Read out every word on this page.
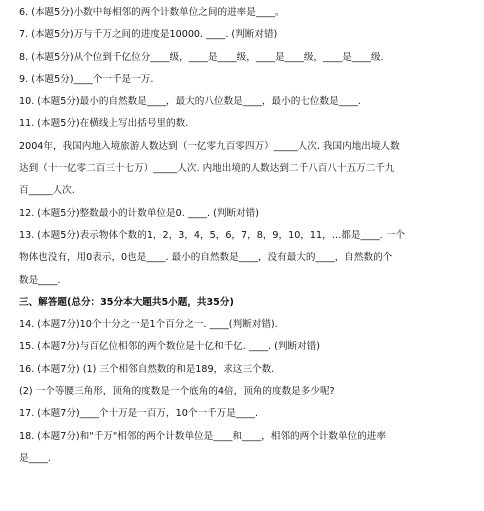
6. (本题5分)小数中每相邻的两个计数单位之间的进率是____。
7. (本题5分)万与千万之间的进度是10000. ____. (判断对错)
8. (本题5分)从个位到千亿位分____级，____是____级，____是____级，____是____级.
9. (本题5分)____个一千是一万.
10. (本题5分)最小的自然数是____，最大的八位数是____，最小的七位数是____.
11. (本题5分)在横线上写出括号里的数.
2004年，我国内地入境旅游人数达到（一亿零九百零四万）_____人次. 我国内地出境人数
达到（十一亿零二百三十七万）_____人次. 内地出境的人数达到二千八百八十五万二千九
百_____人次.
12. (本题5分)整数最小的计数单位是0. ____. (判断对错)
13. (本题5分)表示物体个数的1，2，3，4，5，6，7，8，9，10，11，…都是____. 一个
物体也没有，用0表示，0也是____. 最小的自然数是____，没有最大的____，自然数的个
数是____.
三、解答题(总分：35分本大题共5小题，共35分)
14. (本题7分)10个十分之一是1个百分之一. ____(判断对错).
15. (本题7分)与百亿位相邻的两个数位是十亿和千亿. ____. (判断对错)
16. (本题7分) (1) 三个相邻自然数的和是189，求这三个数.
(2) 一个等腰三角形，顶角的度数是一个底角的4倍，顶角的度数是多少呢?
17. (本题7分)____个十万是一百万，10个一千万是____.
18. (本题7分)和"千万"相邻的两个计数单位是____和____，相邻的两个计数单位的进率
是____.
